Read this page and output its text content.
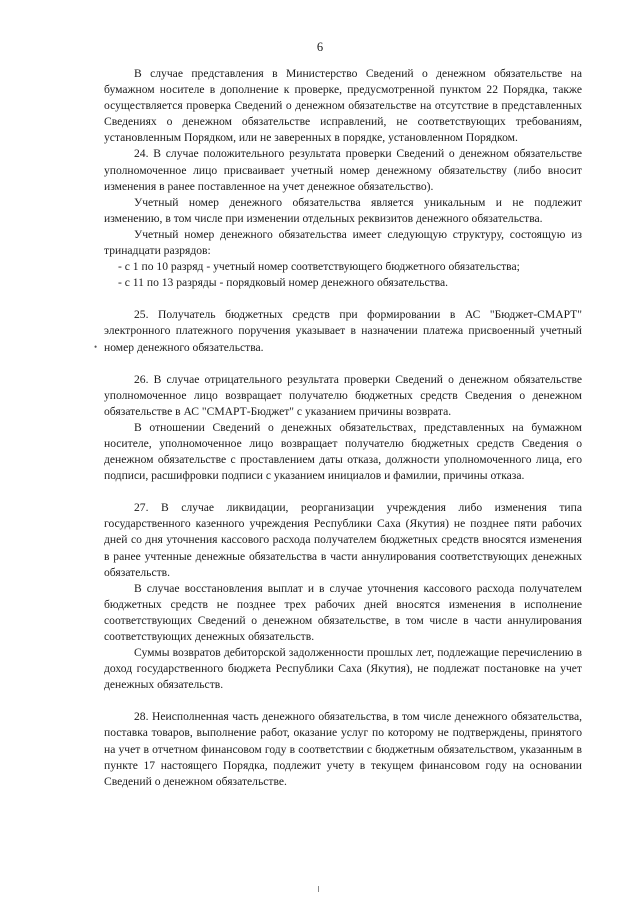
6
•

В случае представления в Министерство Сведений о денежном обязательстве на бумажном носителе в дополнение к проверке, предусмотренной пунктом 22 Порядка, также осуществляется проверка Сведений о денежном обязательстве на отсутствие в представленных Сведениях о денежном обязательстве исправлений, не соответствующих требованиям, установленным Порядком, или не заверенных в порядке, установленном Порядком.

24. В случае положительного результата проверки Сведений о денежном обязательстве уполномоченное лицо присваивает учетный номер денежному обязательству (либо вносит изменения в ранее поставленное на учет денежное обязательство).

Учетный номер денежного обязательства является уникальным и не подлежит изменению, в том числе при изменении отдельных реквизитов денежного обязательства.

Учетный номер денежного обязательства имеет следующую структуру, состоящую из тринадцати разрядов:

- с 1 по 10 разряд - учетный номер соответствующего бюджетного обязательства;

- с 11 по 13 разряды - порядковый номер денежного обязательства.

25. Получатель бюджетных средств при формировании в АС "Бюджет-СМАРТ" электронного платежного поручения указывает в назначении платежа присвоенный учетный номер денежного обязательства.

26. В случае отрицательного результата проверки Сведений о денежном обязательстве уполномоченное лицо возвращает получателю бюджетных средств Сведения о денежном обязательстве в АС "СМАРТ-Бюджет" с указанием причины возврата.

В отношении Сведений о денежных обязательствах, представленных на бумажном носителе, уполномоченное лицо возвращает получателю бюджетных средств Сведения о денежном обязательстве с проставлением даты отказа, должности уполномоченного лица, его подписи, расшифровки подписи с указанием инициалов и фамилии, причины отказа.

27. В случае ликвидации, реорганизации учреждения либо изменения типа государственного казенного учреждения Республики Саха (Якутия) не позднее пяти рабочих дней со дня уточнения кассового расхода получателем бюджетных средств вносятся изменения в ранее учтенные денежные обязательства в части аннулирования соответствующих денежных обязательств.

В случае восстановления выплат и в случае уточнения кассового расхода получателем бюджетных средств не позднее трех рабочих дней вносятся изменения в исполнение соответствующих Сведений о денежном обязательстве, в том числе в части аннулирования соответствующих денежных обязательств.

Суммы возвратов дебиторской задолженности прошлых лет, подлежащие перечислению в доход государственного бюджета Республики Саха (Якутия), не подлежат постановке на учет денежных обязательств.

28. Неисполненная часть денежного обязательства, в том числе денежного обязательства, поставка товаров, выполнение работ, оказание услуг по которому не подтверждены, принятого на учет в отчетном финансовом году в соответствии с бюджетным обязательством, указанным в пункте 17 настоящего Порядка, подлежит учету в текущем финансовом году на основании Сведений о денежном обязательстве.
